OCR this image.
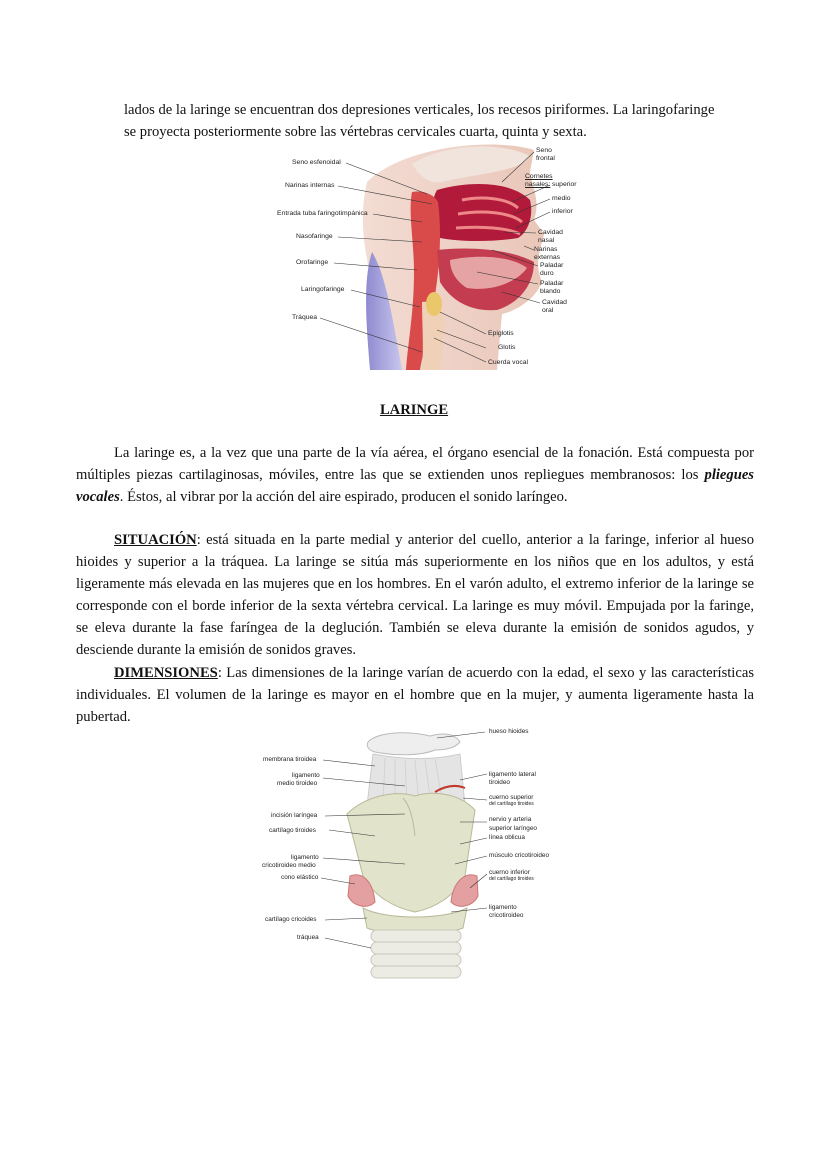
lados de la laringe se encuentran dos depresiones verticales, los recesos piriformes. La laringofaringe
se proyecta posteriormente sobre las vértebras cervicales cuarta, quinta y sexta.
Seno esfenoidal
Narinas internas
Entrada tuba faringotimpánica
Nasofaringe
Orofaringe
Laringofaringe
Tráquea
Seno frontal
Cornetes nasales: superior
medio
inferior
Cavidad nasal
Narinas externas
Paladar duro
Paladar blando
Cavidad oral
Epiglotis
Glotis
Cuerda vocal
LARINGE
La laringe es, a la vez que una parte de la vía aérea, el órgano esencial de la fonación. Está compuesta por múltiples piezas cartilaginosas, móviles, entre las que se extienden unos repliegues membranosos: los pliegues vocales. Éstos, al vibrar por la acción del aire espirado, producen el sonido laríngeo.
SITUACIÓN: está situada en la parte medial y anterior del cuello, anterior a la faringe, inferior al hueso hioides y superior a la tráquea. La laringe se sitúa más superiormente en los niños que en los adultos, y está ligeramente más elevada en las mujeres que en los hombres. En el varón adulto, el extremo inferior de la laringe se corresponde con el borde inferior de la sexta vértebra cervical. La laringe es muy móvil. Empujada por la faringe, se eleva durante la fase faríngea de la deglución. También se eleva durante la emisión de sonidos agudos, y desciende durante la emisión de sonidos graves.
DIMENSIONES: Las dimensiones de la laringe varían de acuerdo con la edad, el sexo y las características individuales. El volumen de la laringe es mayor en el hombre que en la mujer, y aumenta ligeramente hasta la pubertad.
membrana tiroidea
ligamento
medio tiroideo
incisión laríngea
cartílago tiroides
ligamento
cricotiroideo medio
cono elástico
cartílago cricoides
tráquea
hueso hioides
ligamento lateral
tiroideo
cuerno superior
del cartílago tiroides
nervio y arteria
superior laríngeo
línea oblicua
músculo cricotiroideo
cuerno inferior
del cartílago tiroides
ligamento
cricotiroideo
